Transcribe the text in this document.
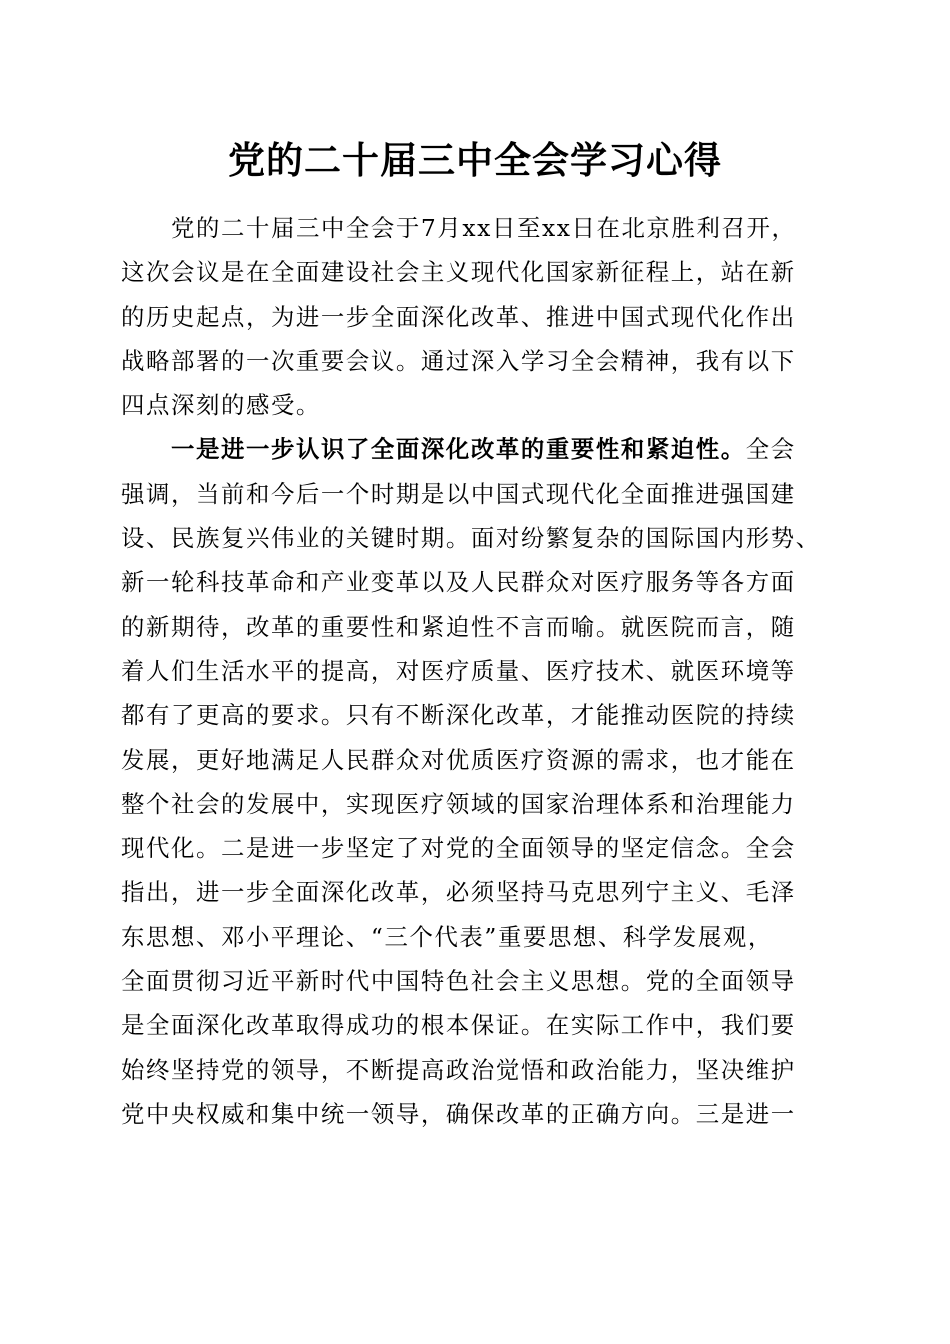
党的二十届三中全会学习心得
党的二十届三中全会于7月xx日至xx日在北京胜利召开，
这次会议是在全面建设社会主义现代化国家新征程上，站在新
的历史起点，为进一步全面深化改革、推进中国式现代化作出
战略部署的一次重要会议。通过深入学习全会精神，我有以下
四点深刻的感受。
一是进一步认识了全面深化改革的重要性和紧迫性。全会
强调，当前和今后一个时期是以中国式现代化全面推进强国建
设、民族复兴伟业的关键时期。面对纷繁复杂的国际国内形势、
新一轮科技革命和产业变革以及人民群众对医疗服务等各方面
的新期待，改革的重要性和紧迫性不言而喻。就医院而言，随
着人们生活水平的提高，对医疗质量、医疗技术、就医环境等
都有了更高的要求。只有不断深化改革，才能推动医院的持续
发展，更好地满足人民群众对优质医疗资源的需求，也才能在
整个社会的发展中，实现医疗领域的国家治理体系和治理能力
现代化。二是进一步坚定了对党的全面领导的坚定信念。全会
指出，进一步全面深化改革，必须坚持马克思列宁主义、毛泽
东思想、邓小平理论、“三个代表”重要思想、科学发展观，
全面贯彻习近平新时代中国特色社会主义思想。党的全面领导
是全面深化改革取得成功的根本保证。在实际工作中，我们要
始终坚持党的领导，不断提高政治觉悟和政治能力，坚决维护
党中央权威和集中统一领导，确保改革的正确方向。三是进一
